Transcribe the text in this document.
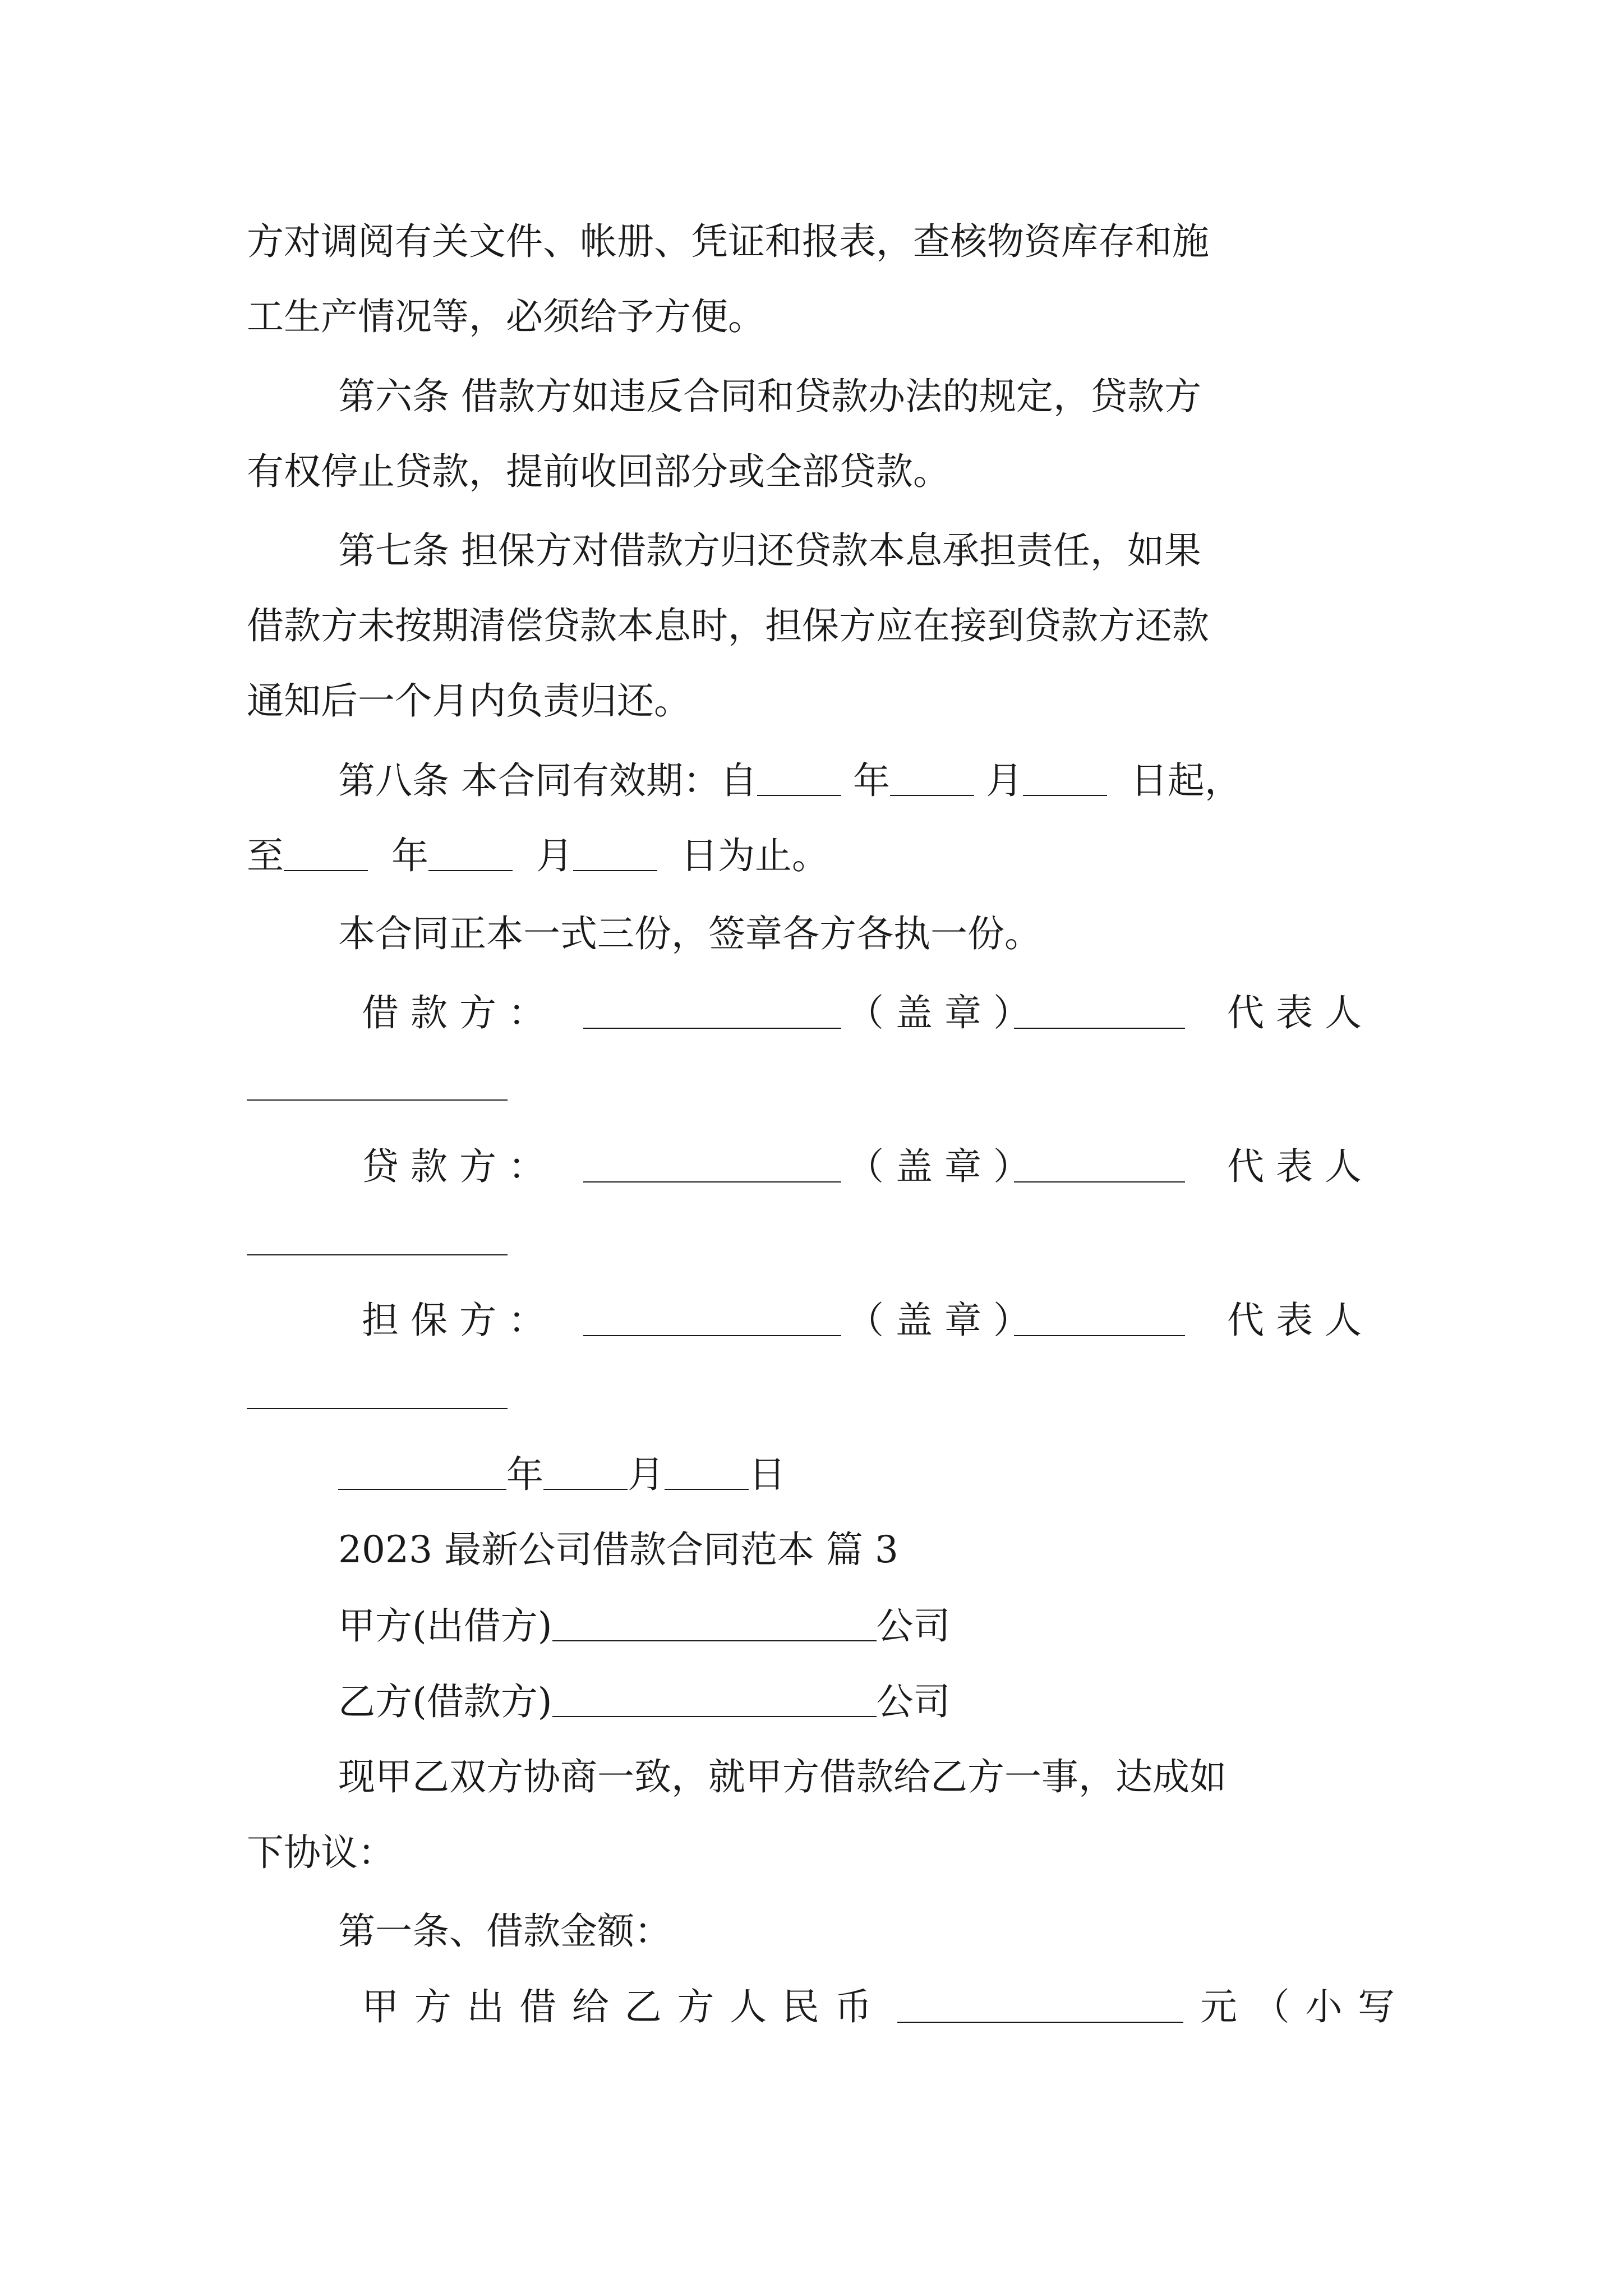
方对调阅有关文件、帐册、凭证和报表，查核物资库存和施
工生产情况等，必须给予方便。
第六条 借款方如违反合同和贷款办法的规定，贷款方
有权停止贷款，提前收回部分或全部贷款。
第七条 担保方对借款方归还贷款本息承担责任，如果
借款方未按期清偿贷款本息时，担保方应在接到贷款方还款
通知后一个月内负责归还。
第八条 本合同有效期：自	年	月	日起，
至	年	月	日为止。
本合同正本一式三份，签章各方各执一份。
借 款 方 ：	（ 盖 章 ）	代 表 人
贷 款 方 ：	（ 盖 章 ）	代 表 人
担 保 方 ：	（ 盖 章 ）	代 表 人
年 月 日
2023 最新公司借款合同范本 篇 3
甲方(出借方)	公司
乙方(借款方)	公司
现甲乙双方协商一致，就甲方借款给乙方一事，达成如
下协议：
第一条、借款金额：
甲方出借给乙方人民币	元（小写
